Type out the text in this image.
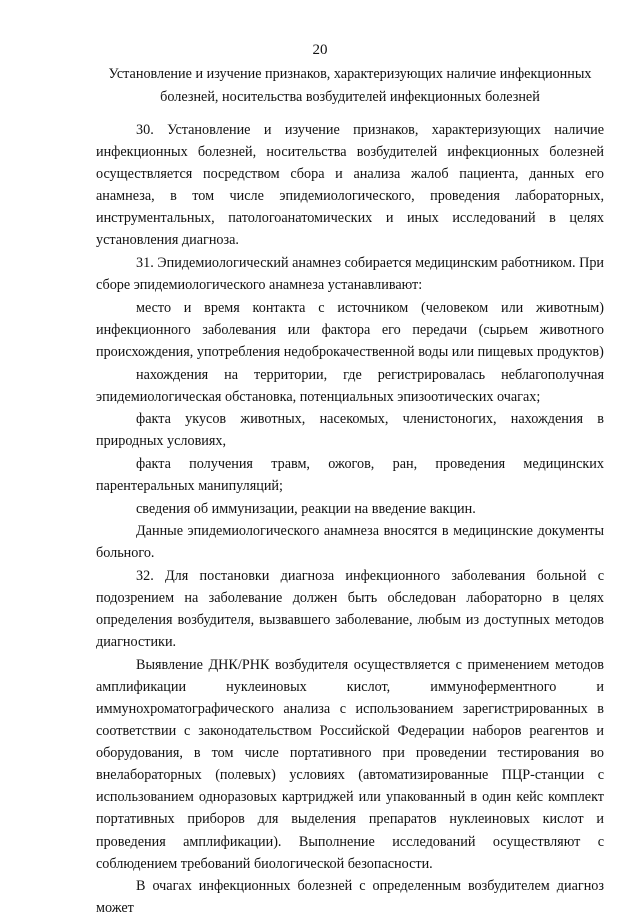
20
Установление и изучение признаков, характеризующих наличие инфекционных болезней, носительства возбудителей инфекционных болезней

30. Установление и изучение признаков, характеризующих наличие инфекционных болезней, носительства возбудителей инфекционных болезней осуществляется посредством сбора и анализа жалоб пациента, данных его анамнеза, в том числе эпидемиологического, проведения лабораторных, инструментальных, патологоанатомических и иных исследований в целях установления диагноза.

31. Эпидемиологический анамнез собирается медицинским работником. При сборе эпидемиологического анамнеза устанавливают:

место и время контакта с источником (человеком или животным) инфекционного заболевания или фактора его передачи (сырьем животного происхождения, употребления недоброкачественной воды или пищевых продуктов)

нахождения на территории, где регистрировалась неблагополучная эпидемиологическая обстановка, потенциальных эпизоотических очагах;

факта укусов животных, насекомых, членистоногих, нахождения в природных условиях,

факта получения травм, ожогов, ран, проведения медицинских парентеральных манипуляций;

сведения об иммунизации, реакции на введение вакцин.

Данные эпидемиологического анамнеза вносятся в медицинские документы больного.

32. Для постановки диагноза инфекционного заболевания больной с подозрением на заболевание должен быть обследован лабораторно в целях определения возбудителя, вызвавшего заболевание, любым из доступных методов диагностики.

Выявление ДНК/РНК возбудителя осуществляется с применением методов амплификации нуклеиновых кислот, иммуноферментного и иммунохроматографического анализа с использованием зарегистрированных в соответствии с законодательством Российской Федерации наборов реагентов и оборудования, в том числе портативного при проведении тестирования во внелабораторных (полевых) условиях (автоматизированные ПЦР-станции с использованием одноразовых картриджей или упакованный в один кейс комплект портативных приборов для выделения препаратов нуклеиновых кислот и проведения амплификации). Выполнение исследований осуществляют с соблюдением требований биологической безопасности.

В очагах инфекционных болезней с определенным возбудителем диагноз может
